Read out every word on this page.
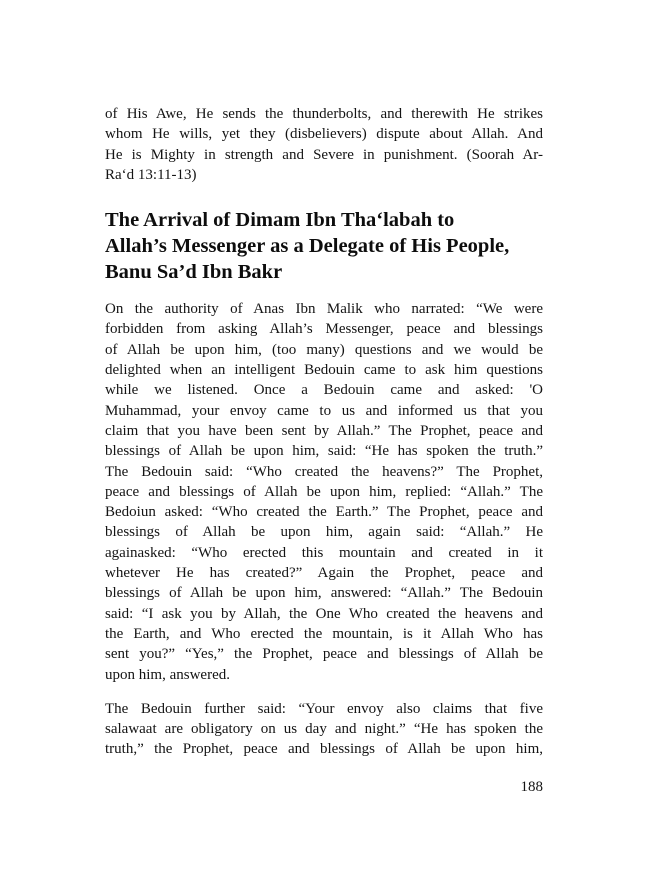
of His Awe, He sends the thunderbolts, and therewith He strikes
whom He wills, yet they (disbelievers) dispute about Allah. And
He is Mighty in strength and Severe in punishment. (Soorah Ar-
Ra‘d 13:11-13)
The Arrival of Dimam Ibn Tha‘labah to
Allah’s Messenger as a Delegate of His People,
Banu Sa’d Ibn Bakr
On the authority of Anas Ibn Malik who narrated: “We were
forbidden from asking Allah’s Messenger, peace and blessings
of Allah be upon him, (too many) questions and we would be
delighted when an intelligent Bedouin came to ask him questions
while we listened. Once a Bedouin came and asked: 'O
Muhammad, your envoy came to us and informed us that you
claim that you have been sent by Allah.” The Prophet, peace and
blessings of Allah be upon him, said: “He has spoken the truth.”
The Bedouin said: “Who created the heavens?” The Prophet,
peace and blessings of Allah be upon him, replied: “Allah.” The
Bedoiun asked: “Who created the Earth.” The Prophet, peace and
blessings of Allah be upon him, again said: “Allah.” He
againasked: “Who erected this mountain and created in it
whetever He has created?” Again the Prophet, peace and
blessings of Allah be upon him, answered: “Allah.” The Bedouin
said: “I ask you by Allah, the One Who created the heavens and
the Earth, and Who erected the mountain, is it Allah Who has
sent you?” “Yes,” the Prophet, peace and blessings of Allah be
upon him, answered.
The Bedouin further said: “Your envoy also claims that five
salawaat are obligatory on us day and night.” “He has spoken the
truth,” the Prophet, peace and blessings of Allah be upon him,
188
